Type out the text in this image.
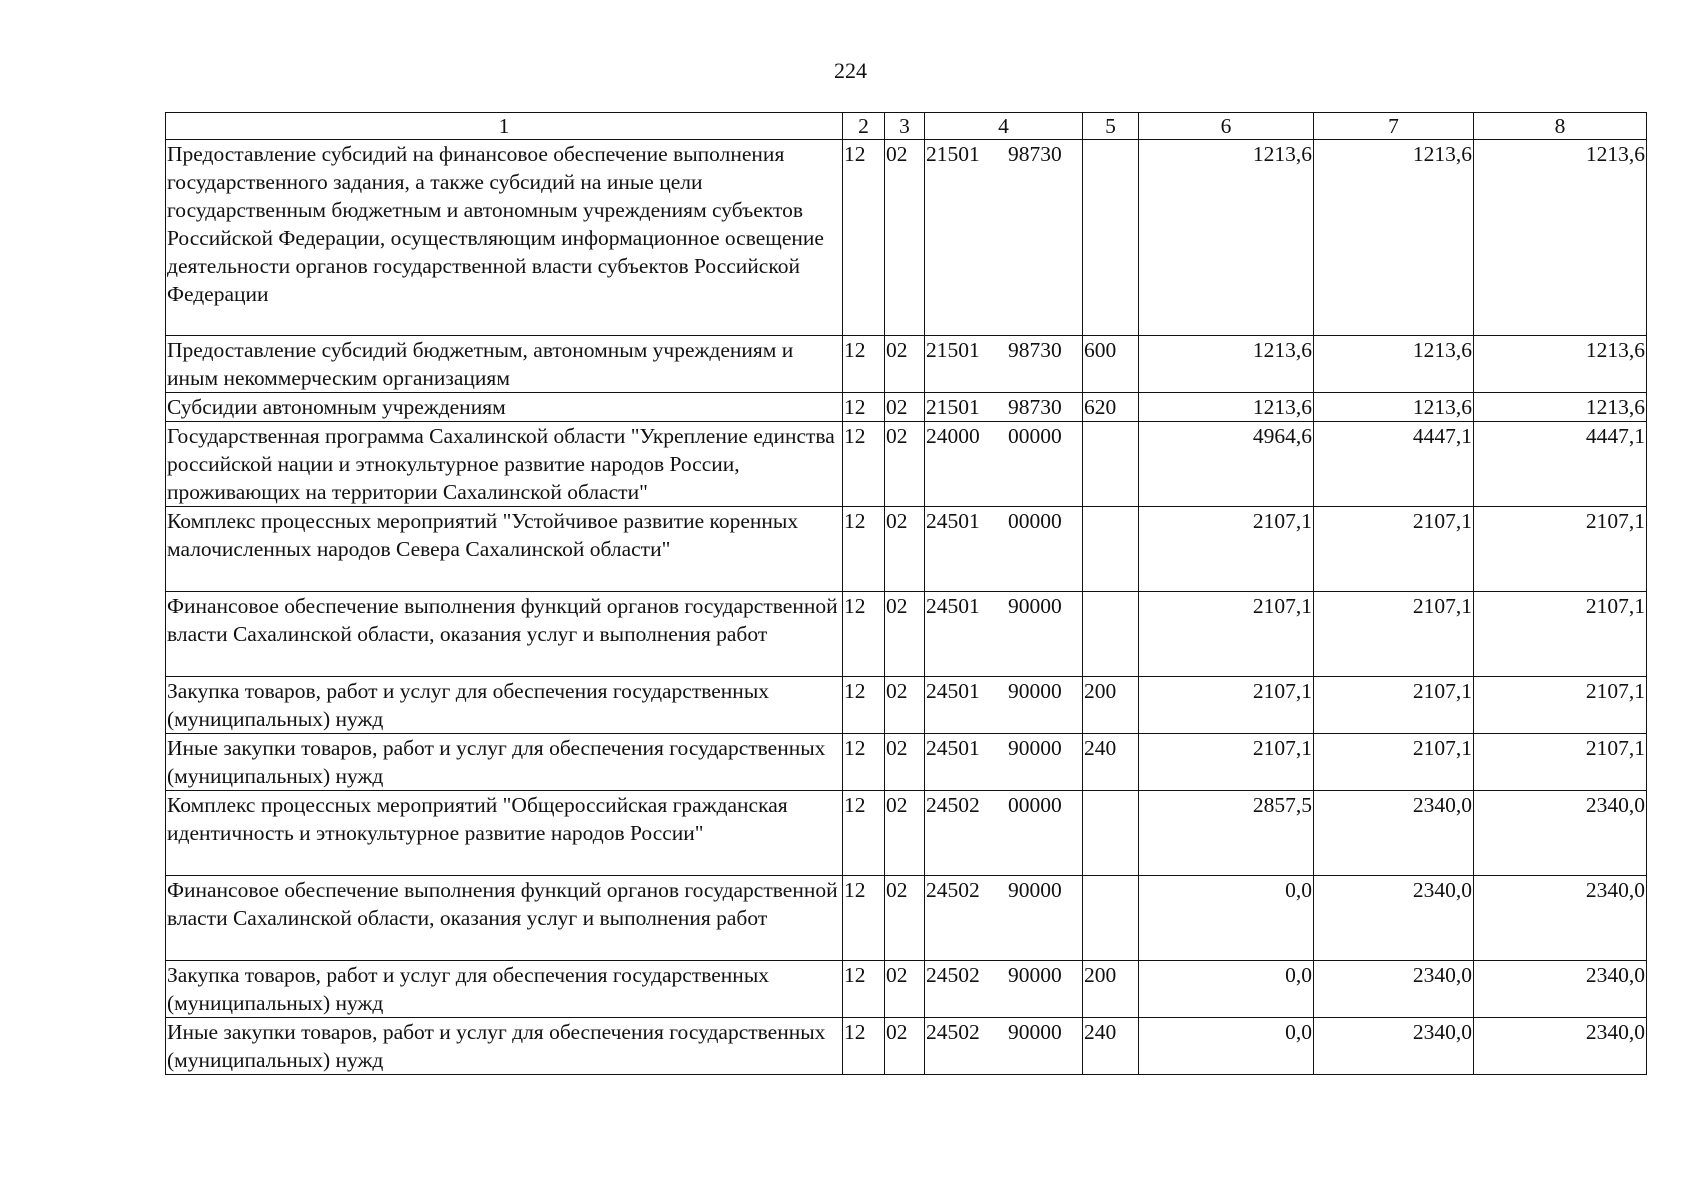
224
1	2	3	4	5	6	7	8
Предоставление субсидий на финансовое обеспечение выполнения государственного задания, а также субсидий на иные цели государственным бюджетным и автономным учреждениям субъектов Российской Федерации, осуществляющим информационное освещение деятельности органов государственной власти субъектов Российской Федерации	12	02	21501 98730		1213,6	1213,6	1213,6
Предоставление субсидий бюджетным, автономным учреждениям и иным некоммерческим организациям	12	02	21501 98730	600	1213,6	1213,6	1213,6
Субсидии автономным учреждениям	12	02	21501 98730	620	1213,6	1213,6	1213,6
Государственная программа Сахалинской области "Укрепление единства российской нации и этнокультурное развитие народов России, проживающих на территории Сахалинской области"	12	02	24000 00000		4964,6	4447,1	4447,1
Комплекс процессных мероприятий "Устойчивое развитие коренных малочисленных народов Севера Сахалинской области"	12	02	24501 00000		2107,1	2107,1	2107,1
Финансовое обеспечение выполнения функций органов государственной власти Сахалинской области, оказания услуг и выполнения работ	12	02	24501 90000		2107,1	2107,1	2107,1
Закупка товаров, работ и услуг для обеспечения государственных (муниципальных) нужд	12	02	24501 90000	200	2107,1	2107,1	2107,1
Иные закупки товаров, работ и услуг для обеспечения государственных (муниципальных) нужд	12	02	24501 90000	240	2107,1	2107,1	2107,1
Комплекс процессных мероприятий "Общероссийская гражданская идентичность и этнокультурное развитие народов России"	12	02	24502 00000		2857,5	2340,0	2340,0
Финансовое обеспечение выполнения функций органов государственной власти Сахалинской области, оказания услуг и выполнения работ	12	02	24502 90000		0,0	2340,0	2340,0
Закупка товаров, работ и услуг для обеспечения государственных (муниципальных) нужд	12	02	24502 90000	200	0,0	2340,0	2340,0
Иные закупки товаров, работ и услуг для обеспечения государственных (муниципальных) нужд	12	02	24502 90000	240	0,0	2340,0	2340,0
